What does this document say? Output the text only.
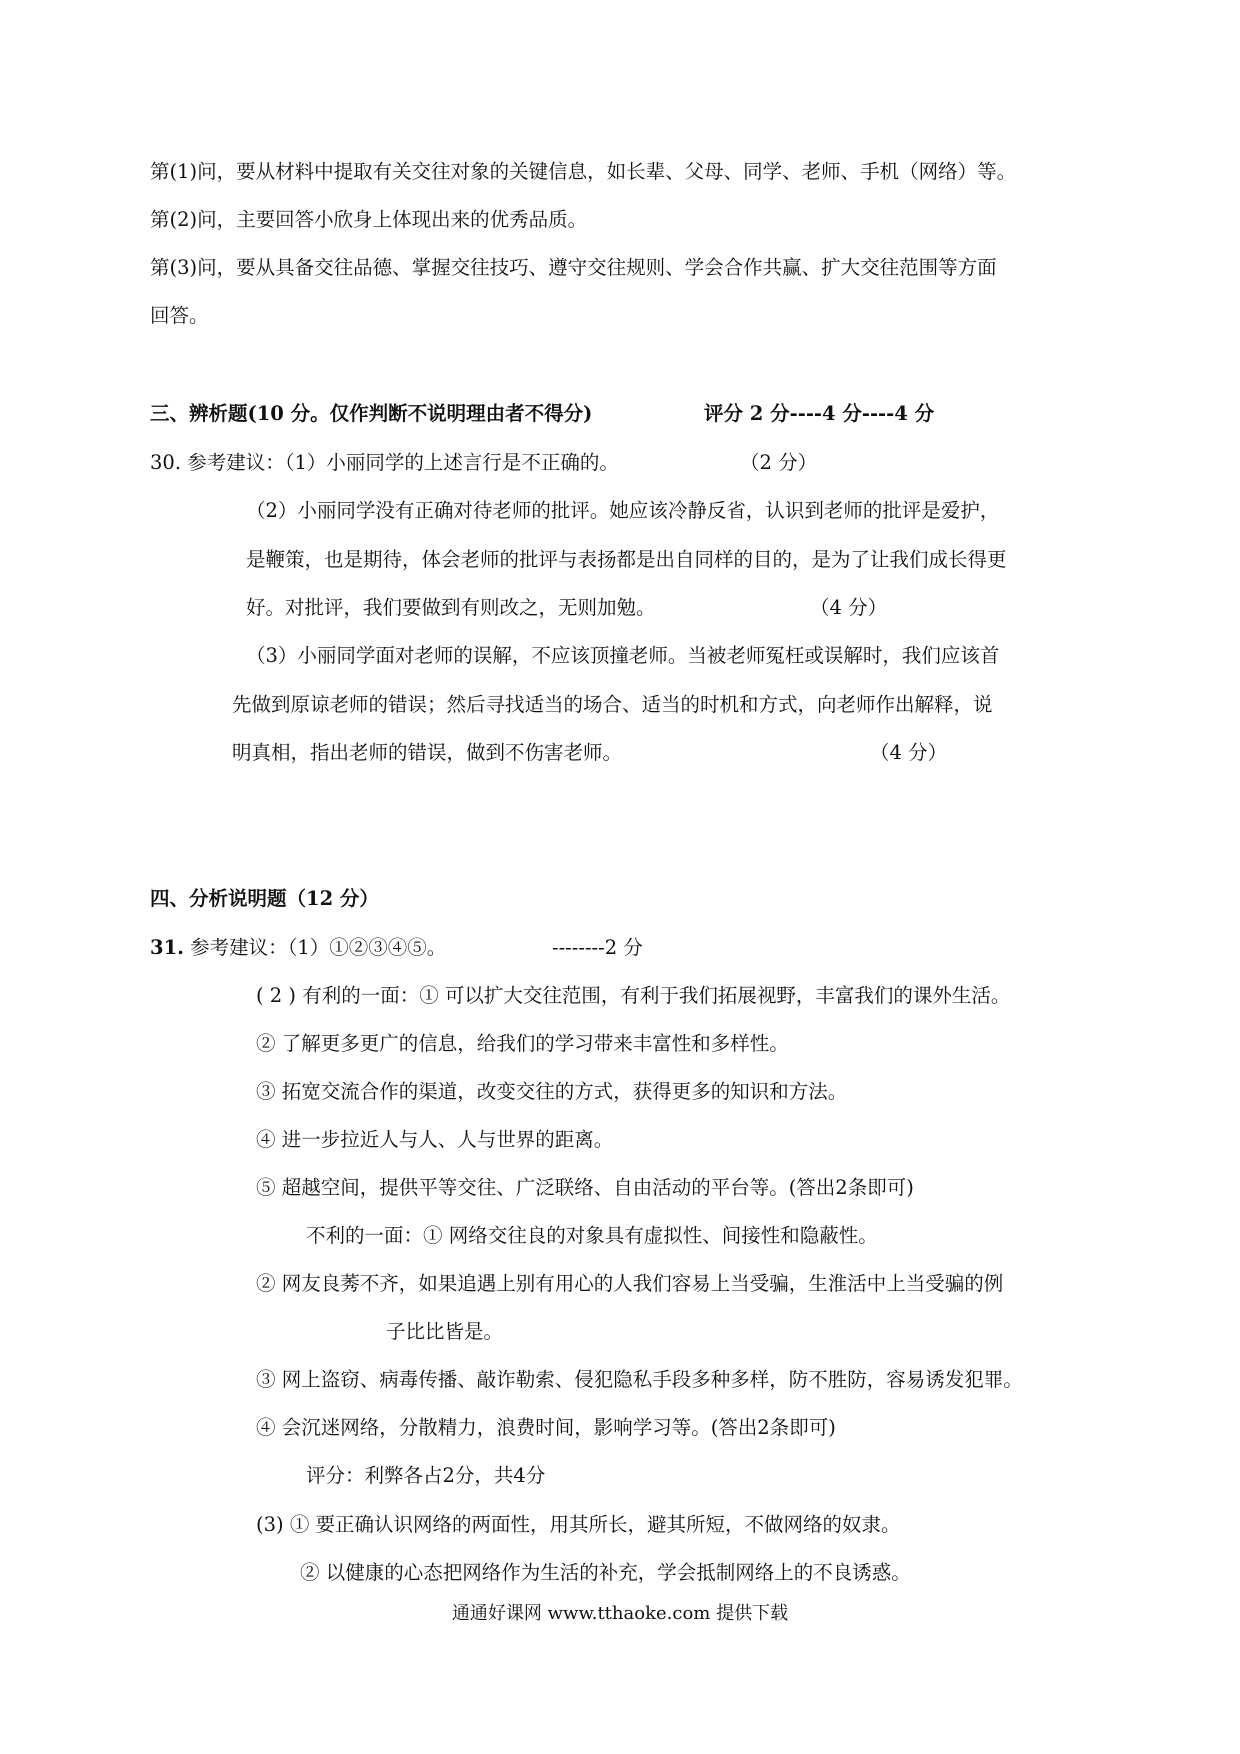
第(1)问，要从材料中提取有关交往对象的关键信息，如长辈、父母、同学、老师、手机（网络）等。
第(2)问，主要回答小欣身上体现出来的优秀品质。
第(3)问，要从具备交往品德、掌握交往技巧、遵守交往规则、学会合作共赢、扩大交往范围等方面
回答。
三、辨析题(10 分。仅作判断不说明理由者不得分)	评分 2 分----4 分----4 分
30. 参考建议：（1）小丽同学的上述言行是不正确的。	（2 分）
（2）小丽同学没有正确对待老师的批评。她应该冷静反省，认识到老师的批评是爱护，
是鞭策，也是期待，体会老师的批评与表扬都是出自同样的目的，是为了让我们成长得更
好。对批评，我们要做到有则改之，无则加勉。	（4 分）
（3）小丽同学面对老师的误解，不应该顶撞老师。当被老师冤枉或误解时，我们应该首
先做到原谅老师的错误；然后寻找适当的场合、适当的时机和方式，向老师作出解释，说
明真相，指出老师的错误，做到不伤害老师。	（4 分）
四、分析说明题（12 分）
31. 参考建议：（1）①②③④⑤。	--------2 分
( 2 ) 有利的一面：① 可以扩大交往范围，有利于我们拓展视野，丰富我们的课外生活。
② 了解更多更广的信息，给我们的学习带来丰富性和多样性。
③ 拓宽交流合作的渠道，改变交往的方式，获得更多的知识和方法。
④ 进一步拉近人与人、人与世界的距离。
⑤ 超越空间，提供平等交往、广泛联络、自由活动的平台等。(答出2条即可)
不利的一面：① 网络交往良的对象具有虚拟性、间接性和隐蔽性。
② 网友良莠不齐，如果追遇上别有用心的人我们容易上当受骗，生淮活中上当受骗的例
子比比皆是。
③ 网上盗窃、病毒传播、敲诈勒索、侵犯隐私手段多种多样，防不胜防，容易诱发犯罪。
④ 会沉迷网络，分散精力，浪费时间，影响学习等。(答出2条即可)
评分：利弊各占2分，共4分
(3) ① 要正确认识网络的两面性，用其所长，避其所短，不做网络的奴隶。
② 以健康的心态把网络作为生活的补充，学会抵制网络上的不良诱惑。
通通好课网 www.tthaoke.com 提供下载
